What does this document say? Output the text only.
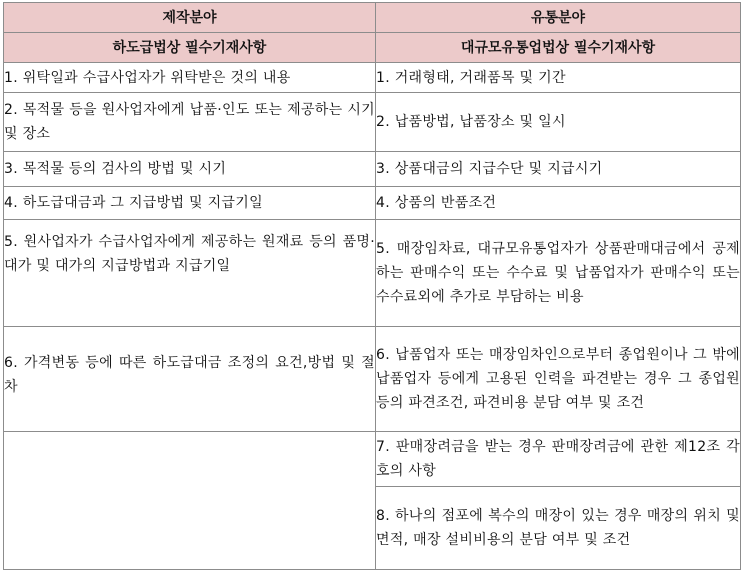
제작분야	유통분야
하도급법상 필수기재사항	대규모유통업법상 필수기재사항
1. 위탁일과 수급사업자가 위탁받은 것의 내용	1. 거래형태, 거래품목 및 기간
2. 목적물 등을 원사업자에게 납품·인도 또는 제공하는 시기 및 장소	2. 납품방법, 납품장소 및 일시
3. 목적물 등의 검사의 방법 및 시기	3. 상품대금의 지급수단 및 지급시기
4. 하도급대금과 그 지급방법 및 지급기일	4. 상품의 반품조건
5. 원사업자가 수급사업자에게 제공하는 원재료 등의 품명·대가 및 대가의 지급방법과 지급기일	5. 매장임차료, 대규모유통업자가 상품판매대금에서 공제하는 판매수익 또는 수수료 및 납품업자가 판매수익 또는 수수료외에 추가로 부담하는 비용
6. 가격변동 등에 따른 하도급대금 조정의 요건,방법 및 절차	6. 납품업자 또는 매장임차인으로부터 종업원이나 그 밖에 납품업자 등에게 고용된 인력을 파견받는 경우 그 종업원 등의 파견조건, 파견비용 분담 여부 및 조건
	7. 판매장려금을 받는 경우 판매장려금에 관한 제12조 각 호의 사항
	8. 하나의 점포에 복수의 매장이 있는 경우 매장의 위치 및 면적, 매장 설비비용의 분담 여부 및 조건
